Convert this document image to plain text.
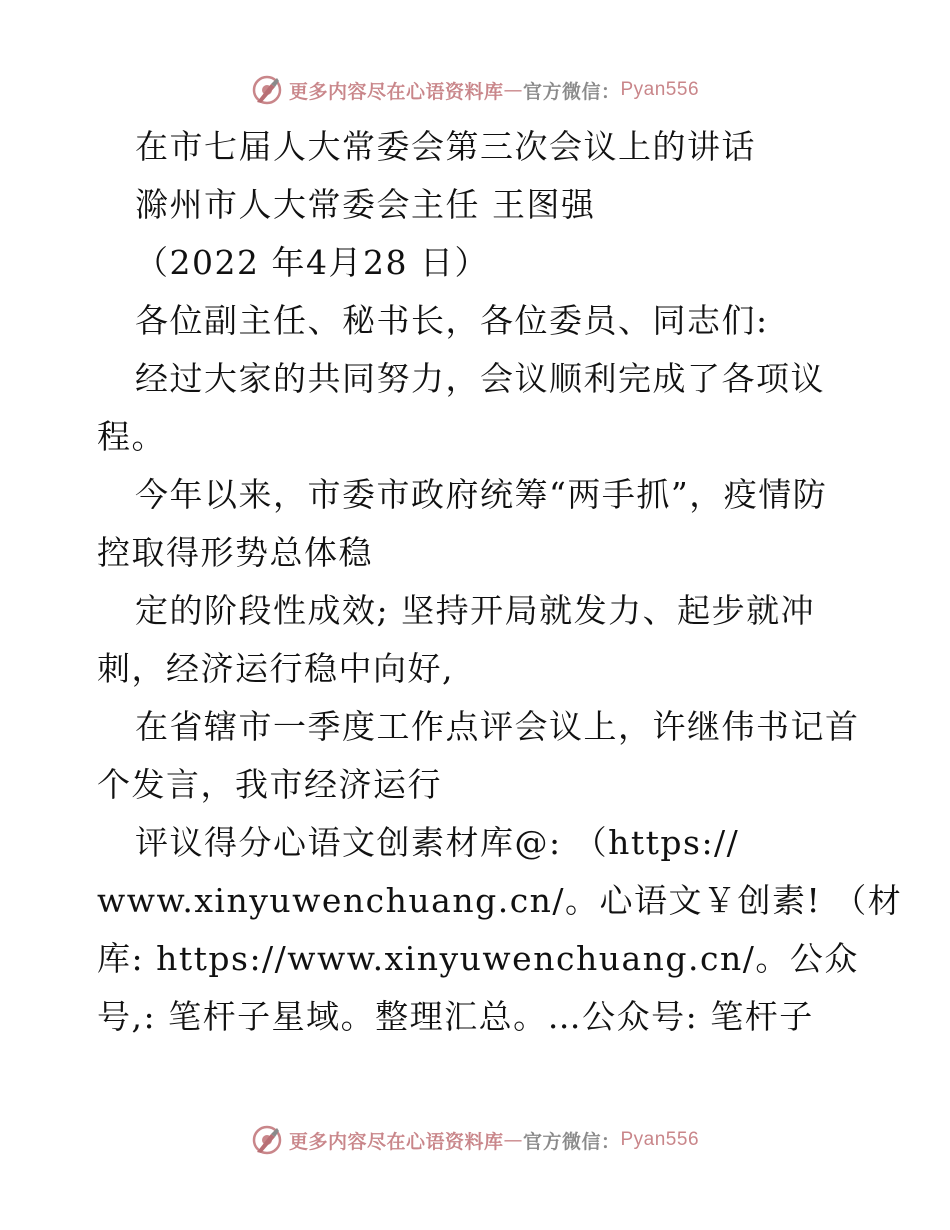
更多内容尽在心语资料库 — 官方微信： Pyan556
在市七届人大常委会第三次会议上的讲话
滁州市人大常委会主任 王图强
（2022 年4月28 日）
各位副主任、秘书长，各位委员、同志们:
经过大家的共同努力，会议顺利完成了各项议
程。
今年以来，市委市政府统筹“两手抓”，疫情防
控取得形势总体稳
定的阶段性成效; 坚持开局就发力、起步就冲
刺，经济运行稳中向好,
在省辖市一季度工作点评会议上，许继伟书记首
个发言，我市经济运行
评议得分心语文创素材库@: （https://
www.xinyuwenchuang.cn/。心语文￥创素! （材
库: https://www.xinyuwenchuang.cn/。公众
号,: 笔杆子星域。整理汇总。…公众号: 笔杆子
更多内容尽在心语资料库 — 官方微信： Pyan556
